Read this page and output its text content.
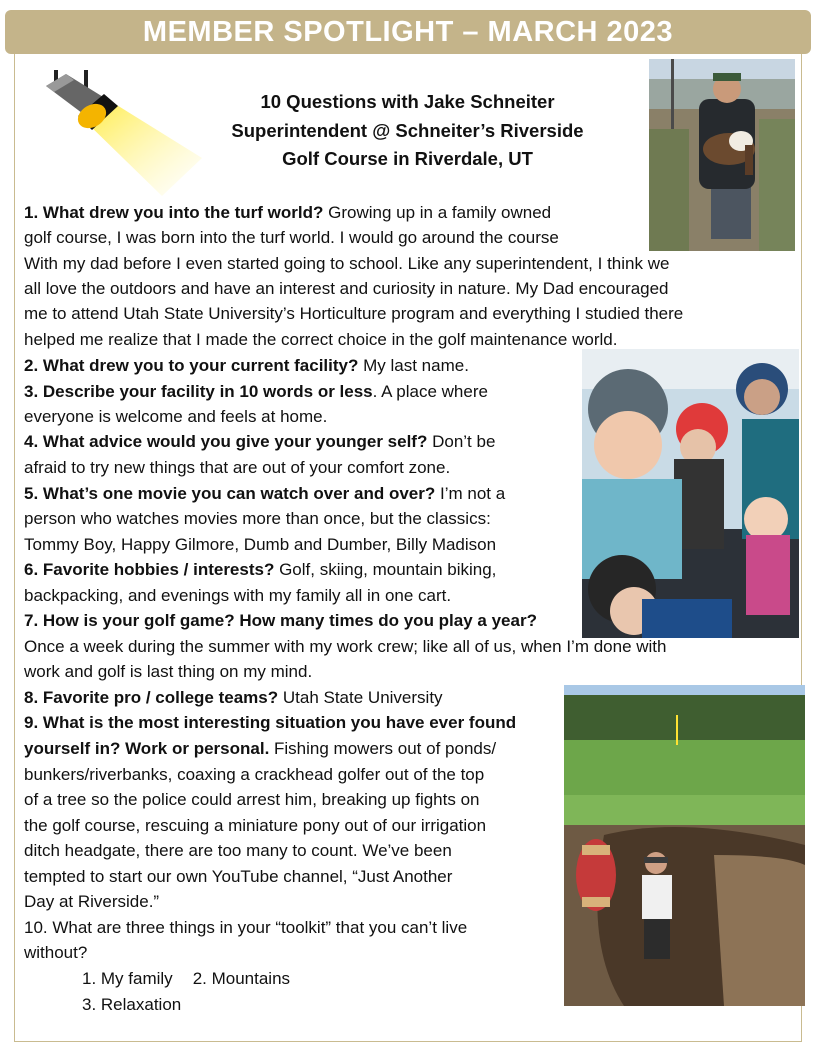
MEMBER SPOTLIGHT – MARCH 2023
10 Questions with Jake Schneiter
Superintendent @ Schneiter’s Riverside
Golf Course in Riverdale, UT
1. What drew you into the turf world? Growing up in a family owned
golf course, I was born into the turf world. I would go around the course
With my dad before I even started going to school. Like any superintendent, I think we
all love the outdoors and have an interest and curiosity in nature. My Dad encouraged
me to attend Utah State University’s Horticulture program and everything I studied there
helped me realize that I made the correct choice in the golf maintenance world.
2. What drew you to your current facility? My last name.
3. Describe your facility in 10 words or less. A place where
everyone is welcome and feels at home.
4. What advice would you give your younger self? Don’t be
afraid to try new things that are out of your comfort zone.
5. What’s one movie you can watch over and over? I’m not a
person who watches movies more than once, but the classics:
Tommy Boy, Happy Gilmore, Dumb and Dumber, Billy Madison
6. Favorite hobbies / interests? Golf, skiing, mountain biking,
backpacking, and evenings with my family all in one cart.
7. How is your golf game? How many times do you play a year?
Once a week during the summer with my work crew; like all of us, when I’m done with
work and golf is last thing on my mind.
8. Favorite pro / college teams? Utah State University
9. What is the most interesting situation you have ever found
yourself in? Work or personal. Fishing mowers out of ponds/
bunkers/riverbanks, coaxing a crackhead golfer out of the top
of a tree so the police could arrest him, breaking up fights on
the golf course, rescuing a miniature pony out of our irrigation
ditch headgate, there are too many to count. We’ve been
tempted to start our own YouTube channel, “Just Another
Day at Riverside.”
10. What are three things in your “toolkit” that you can’t live
without?
1. My family 2. Mountains
3. Relaxation
